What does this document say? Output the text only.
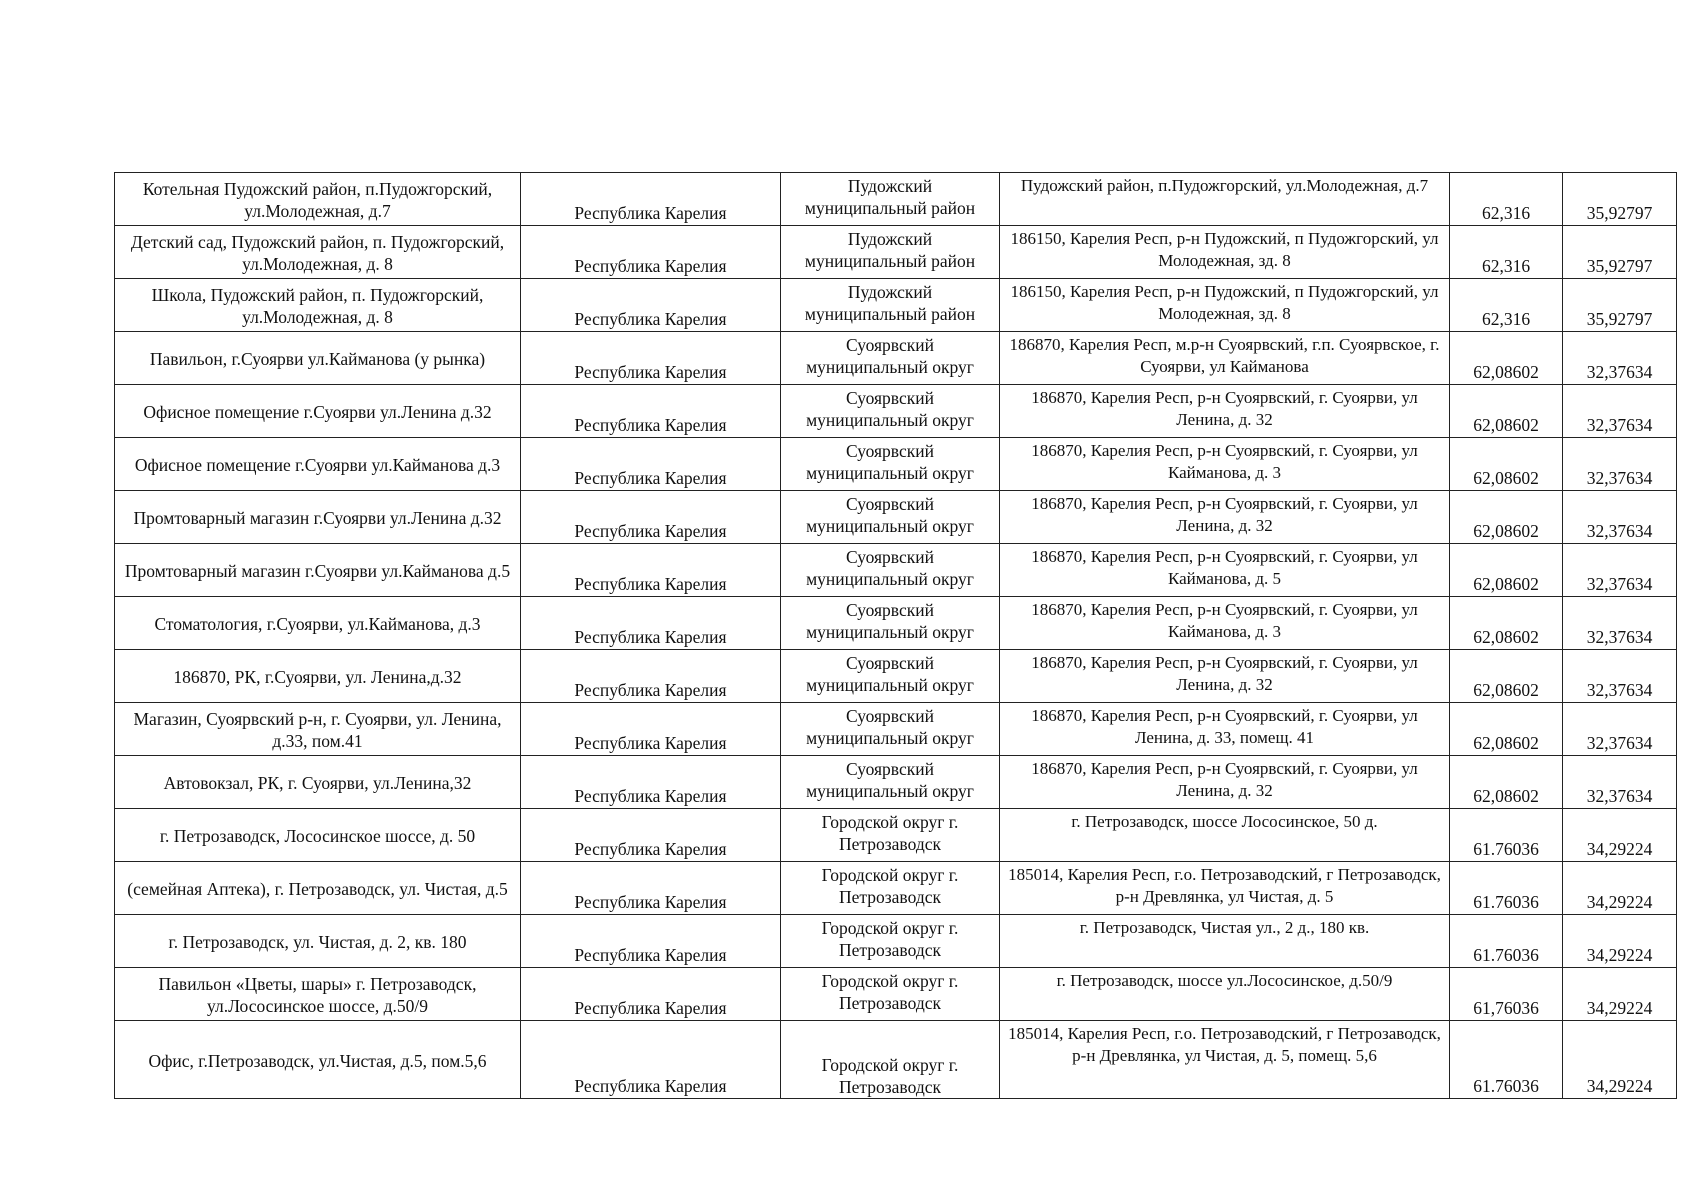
Котельная Пудожский район, п.Пудожгорский, ул.Молодежная, д.7	Республика Карелия	Пудожский муниципальный район	Пудожский район, п.Пудожгорский, ул.Молодежная, д.7	62,316	35,92797
Детский сад, Пудожский район, п. Пудожгорский, ул.Молодежная, д. 8	Республика Карелия	Пудожский муниципальный район	186150, Карелия Респ, р-н Пудожский, п Пудожгорский, ул Молодежная, зд. 8	62,316	35,92797
Школа, Пудожский район, п. Пудожгорский, ул.Молодежная, д. 8	Республика Карелия	Пудожский муниципальный район	186150, Карелия Респ, р-н Пудожский, п Пудожгорский, ул Молодежная, зд. 8	62,316	35,92797
Павильон, г.Суоярви ул.Кайманова (у рынка)	Республика Карелия	Суоярвский муниципальный округ	186870, Карелия Респ, м.р-н Суоярвский, г.п. Суоярвское, г. Суоярви, ул Кайманова	62,08602	32,37634
Офисное помещение г.Суоярви ул.Ленина д.32	Республика Карелия	Суоярвский муниципальный округ	186870, Карелия Респ, р-н Суоярвский, г. Суоярви, ул Ленина, д. 32	62,08602	32,37634
Офисное помещение г.Суоярви ул.Кайманова д.3	Республика Карелия	Суоярвский муниципальный округ	186870, Карелия Респ, р-н Суоярвский, г. Суоярви, ул Кайманова, д. 3	62,08602	32,37634
Промтоварный магазин г.Суоярви ул.Ленина д.32	Республика Карелия	Суоярвский муниципальный округ	186870, Карелия Респ, р-н Суоярвский, г. Суоярви, ул Ленина, д. 32	62,08602	32,37634
Промтоварный магазин г.Суоярви ул.Кайманова д.5	Республика Карелия	Суоярвский муниципальный округ	186870, Карелия Респ, р-н Суоярвский, г. Суоярви, ул Кайманова, д. 5	62,08602	32,37634
Стоматология, г.Суоярви, ул.Кайманова, д.3	Республика Карелия	Суоярвский муниципальный округ	186870, Карелия Респ, р-н Суоярвский, г. Суоярви, ул Кайманова, д. 3	62,08602	32,37634
186870, РК, г.Суоярви, ул. Ленина,д.32	Республика Карелия	Суоярвский муниципальный округ	186870, Карелия Респ, р-н Суоярвский, г. Суоярви, ул Ленина, д. 32	62,08602	32,37634
Магазин, Суоярвский р-н, г. Суоярви, ул. Ленина, д.33, пом.41	Республика Карелия	Суоярвский муниципальный округ	186870, Карелия Респ, р-н Суоярвский, г. Суоярви, ул Ленина, д. 33, помещ. 41	62,08602	32,37634
Автовокзал, РК, г. Суоярви, ул.Ленина,32	Республика Карелия	Суоярвский муниципальный округ	186870, Карелия Респ, р-н Суоярвский, г. Суоярви, ул Ленина, д. 32	62,08602	32,37634
г. Петрозаводск, Лососинское шоссе, д. 50	Республика Карелия	Городской округ г. Петрозаводск	г. Петрозаводск, шоссе Лососинское, 50 д.	61.76036	34,29224
(семейная Аптека), г. Петрозаводск, ул. Чистая, д.5	Республика Карелия	Городской округ г. Петрозаводск	185014, Карелия Респ, г.о. Петрозаводский, г Петрозаводск, р-н Древлянка, ул Чистая, д. 5	61.76036	34,29224
г. Петрозаводск, ул. Чистая, д. 2, кв. 180	Республика Карелия	Городской округ г. Петрозаводск	г. Петрозаводск, Чистая ул., 2 д., 180 кв.	61.76036	34,29224
Павильон «Цветы, шары» г. Петрозаводск, ул.Лососинское шоссе, д.50/9	Республика Карелия	Городской округ г. Петрозаводск	г. Петрозаводск, шоссе ул.Лососинское, д.50/9	61,76036	34,29224
Офис, г.Петрозаводск, ул.Чистая, д.5, пом.5,6	Республика Карелия	Городской округ г. Петрозаводск	185014, Карелия Респ, г.о. Петрозаводский, г Петрозаводск, р-н Древлянка, ул Чистая, д. 5, помещ. 5,6	61.76036	34,29224
